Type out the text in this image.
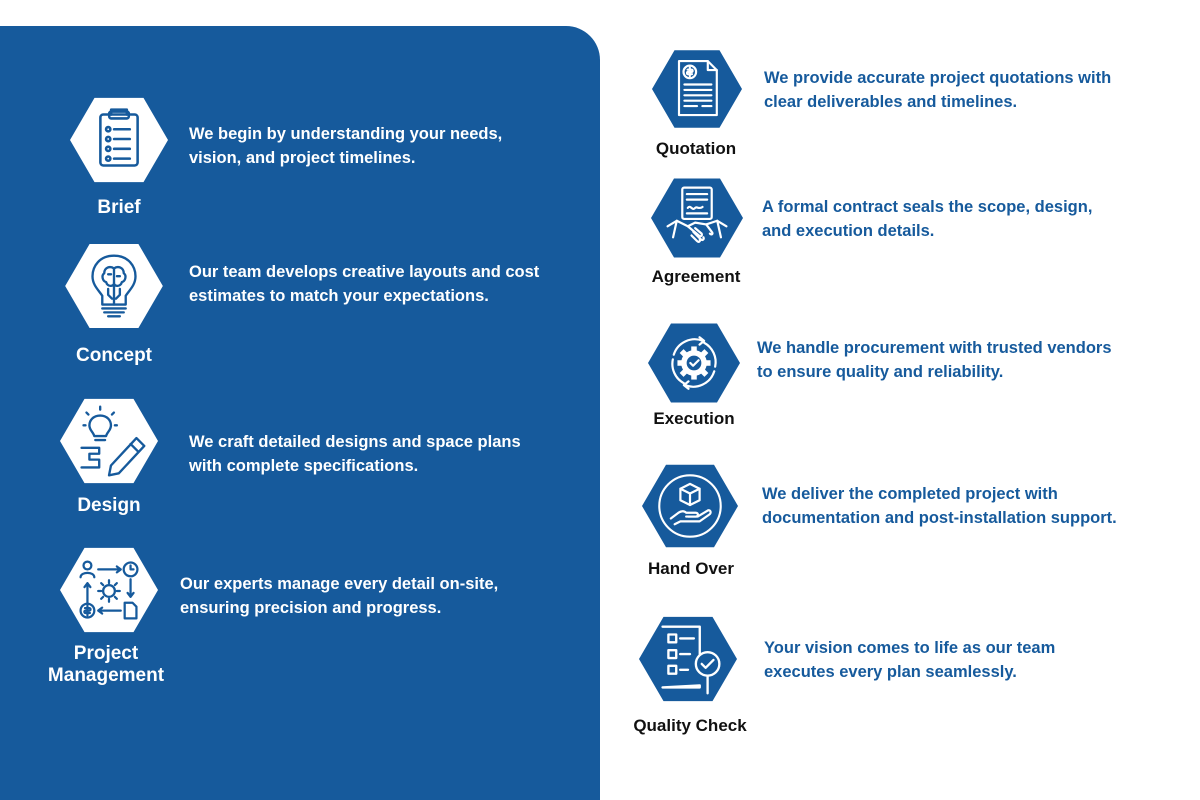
Brief
We begin by understanding your needs,
vision, and project timelines.
Concept
Our team develops creative layouts and cost
estimates to match your expectations.
Design
We craft detailed designs and space plans
with complete specifications.
Project
Management
Our experts manage every detail on-site,
ensuring precision and progress.
Quotation
We provide accurate project quotations with
clear deliverables and timelines.
Agreement
A formal contract seals the scope, design,
and execution details.
Execution
We handle procurement with trusted vendors
to ensure quality and reliability.
Hand Over
We deliver the completed project with
documentation and post-installation support.
Quality Check
Your vision comes to life as our team
executes every plan seamlessly.
